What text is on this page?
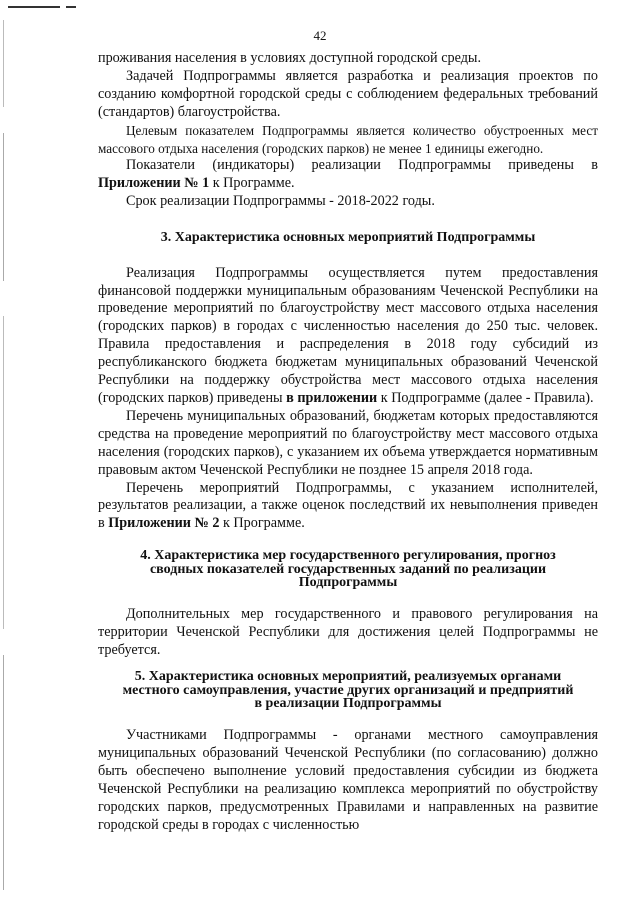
42

проживания населения в условиях доступной городской среды.

Задачей Подпрограммы является разработка и реализация проектов по созданию комфортной городской среды с соблюдением федеральных требований (стандартов) благоустройства.

Целевым показателем Подпрограммы является количество обустроенных мест массового отдыха населения (городских парков) не менее 1 единицы ежегодно.

Показатели (индикаторы) реализации Подпрограммы приведены в Приложении № 1 к Программе.

Срок реализации Подпрограммы - 2018-2022 годы.

3. Характеристика основных мероприятий Подпрограммы

Реализация Подпрограммы осуществляется путем предоставления финансовой поддержки муниципальным образованиям Чеченской Республики на проведение мероприятий по благоустройству мест массового отдыха населения (городских парков) в городах с численностью населения до 250 тыс. человек. Правила предоставления и распределения в 2018 году субсидий из республиканского бюджета бюджетам муниципальных образований Чеченской Республики на поддержку обустройства мест массового отдыха населения (городских парков) приведены в приложении к Подпрограмме (далее - Правила).

Перечень муниципальных образований, бюджетам которых предоставляются средства на проведение мероприятий по благоустройству мест массового отдыха населения (городских парков), с указанием их объема утверждается нормативным правовым актом Чеченской Республики не позднее 15 апреля 2018 года.

Перечень мероприятий Подпрограммы, с указанием исполнителей, результатов реализации, а также оценок последствий их невыполнения приведен в Приложении № 2 к Программе.

4. Характеристика мер государственного регулирования, прогноз
сводных показателей государственных заданий по реализации
Подпрограммы

Дополнительных мер государственного и правового регулирования на территории Чеченской Республики для достижения целей Подпрограммы не требуется.

5. Характеристика основных мероприятий, реализуемых органами
местного самоуправления, участие других организаций и предприятий
в реализации Подпрограммы

Участниками Подпрограммы - органами местного самоуправления муниципальных образований Чеченской Республики (по согласованию) должно быть обеспечено выполнение условий предоставления субсидии из бюджета Чеченской Республики на реализацию комплекса мероприятий по обустройству городских парков, предусмотренных Правилами и направленных на развитие городской среды в городах с численностью
